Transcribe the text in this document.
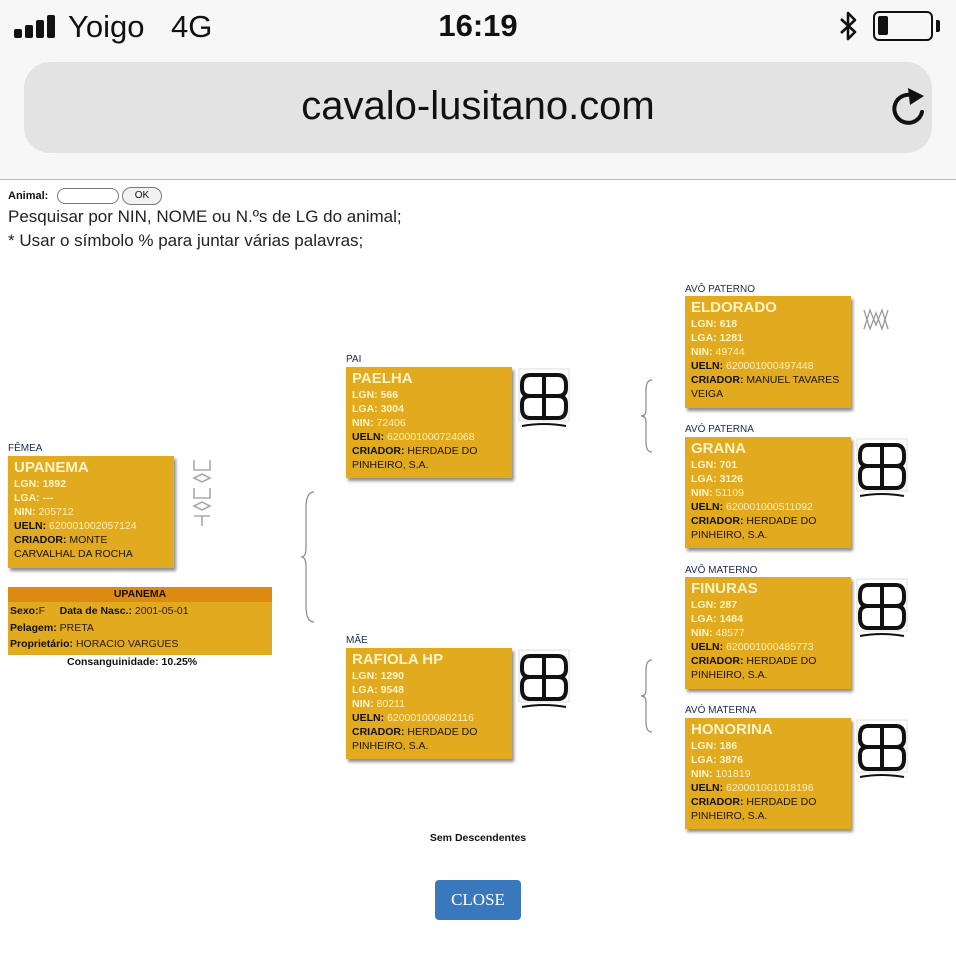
Yoigo 4G	16:19
cavalo-lusitano.com
Animal:	OK
Pesquisar por NIN, NOME ou N.ºs de LG do animal;
* Usar o símbolo % para juntar várias palavras;
FÊMEA
UPANEMA
LGN: 1892
LGA: ---
NIN: 205712
UELN: 620001002057124
CRIADOR: MONTE CARVALHAL DA ROCHA
UPANEMA
Sexo:F Data de Nasc.: 2001-05-01
Pelagem: PRETA
Proprietário: HORACIO VARGUES
Consanguinidade: 10.25%
PAI
PAELHA
LGN: 566
LGA: 3004
NIN: 72406
UELN: 620001000724068
CRIADOR: HERDADE DO PINHEIRO, S.A.
MÃE
RAFIOLA HP
LGN: 1290
LGA: 9548
NIN: 80211
UELN: 620001000802116
CRIADOR: HERDADE DO PINHEIRO, S.A.
AVÔ PATERNO
ELDORADO
LGN: 618
LGA: 1281
NIN: 49744
UELN: 620001000497448
CRIADOR: MANUEL TAVARES VEIGA
AVÓ PATERNA
GRANA
LGN: 701
LGA: 3126
NIN: 51109
UELN: 620001000511092
CRIADOR: HERDADE DO PINHEIRO, S.A.
AVÔ MATERNO
FINURAS
LGN: 287
LGA: 1484
NIN: 48577
UELN: 620001000485773
CRIADOR: HERDADE DO PINHEIRO, S.A.
AVÓ MATERNA
HONORINA
LGN: 186
LGA: 3876
NIN: 101819
UELN: 620001001018196
CRIADOR: HERDADE DO PINHEIRO, S.A.
Sem Descendentes
CLOSE
